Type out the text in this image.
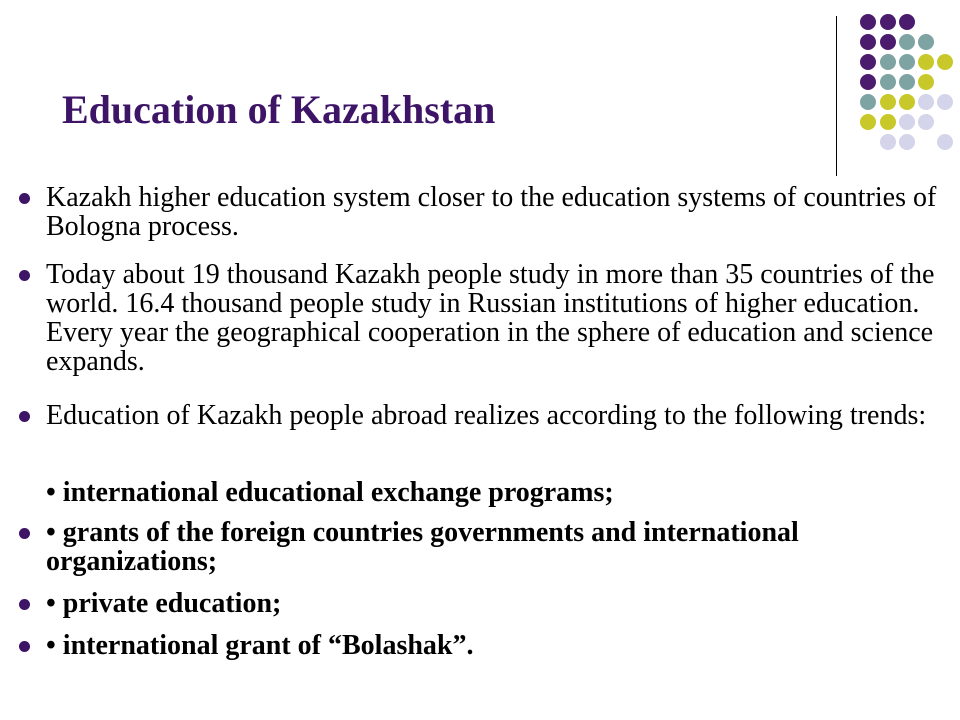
Education of Kazakhstan
Kazakh higher education system closer to the education systems of countries of Bologna process.
Today about 19 thousand Kazakh people study in more than 35 countries of the world. 16.4 thousand people study in Russian institutions of higher education. Every year the geographical cooperation in the sphere of education and science expands.
Education of Kazakh people abroad realizes according to the following trends:
• international educational exchange programs;
• grants of the foreign countries governments and international organizations;
• private education;
• international grant of “Bolashak”.
